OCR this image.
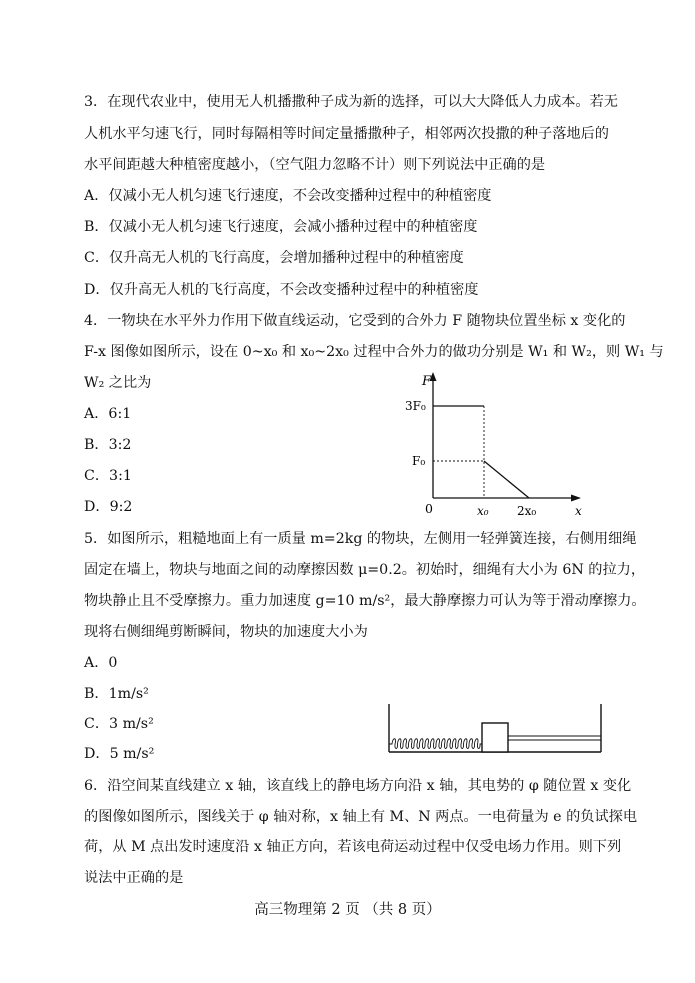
3．在现代农业中，使用无人机播撒种子成为新的选择，可以大大降低人力成本。若无
人机水平匀速飞行，同时每隔相等时间定量播撒种子，相邻两次投撒的种子落地后的
水平间距越大种植密度越小，（空气阻力忽略不计）则下列说法中正确的是
A．仅减小无人机匀速飞行速度，不会改变播种过程中的种植密度
B．仅减小无人机匀速飞行速度，会减小播种过程中的种植密度
C．仅升高无人机的飞行高度，会增加播种过程中的种植密度
D．仅升高无人机的飞行高度，不会改变播种过程中的种植密度
4．一物块在水平外力作用下做直线运动，它受到的合外力 F 随物块位置坐标 x 变化的
F-x 图像如图所示，设在 0~x₀ 和 x₀~2x₀ 过程中合外力的做功分别是 W₁ 和 W₂，则 W₁ 与
W₂ 之比为
A．6:1
B．3:2
C．3:1
D．9:2
F
x
0
3F₀
F₀
x₀ 2x₀
5．如图所示，粗糙地面上有一质量 m=2kg 的物块，左侧用一轻弹簧连接，右侧用细绳
固定在墙上，物块与地面之间的动摩擦因数 μ=0.2。初始时，细绳有大小为 6N 的拉力，
物块静止且不受摩擦力。重力加速度 g=10 m/s²，最大静摩擦力可认为等于滑动摩擦力。
现将右侧细绳剪断瞬间，物块的加速度大小为
A．0
B．1m/s²
C．3 m/s²
D．5 m/s²
6．沿空间某直线建立 x 轴，该直线上的静电场方向沿 x 轴，其电势的 φ 随位置 x 变化
的图像如图所示，图线关于 φ 轴对称，x 轴上有 M、N 两点。一电荷量为 e 的负试探电
荷，从 M 点出发时速度沿 x 轴正方向，若该电荷运动过程中仅受电场力作用。则下列
说法中正确的是
高三物理第 2 页 （共 8 页）
